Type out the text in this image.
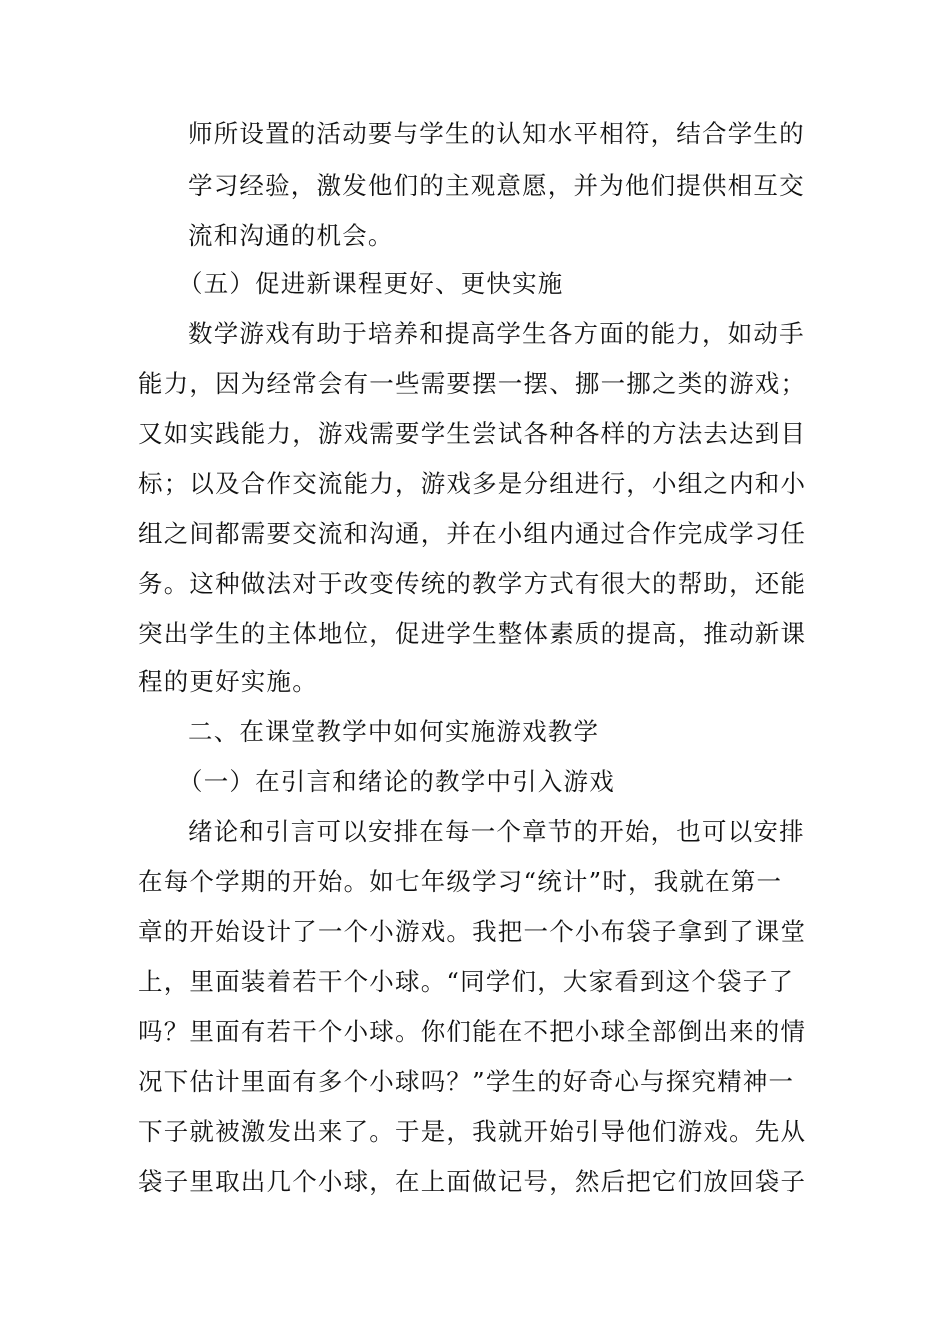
师所设置的活动要与学生的认知水平相符，结合学生的
学习经验，激发他们的主观意愿，并为他们提供相互交
流和沟通的机会。
（五）促进新课程更好、更快实施
数学游戏有助于培养和提高学生各方面的能力，如动手
能力，因为经常会有一些需要摆一摆、挪一挪之类的游戏；
又如实践能力，游戏需要学生尝试各种各样的方法去达到目
标；以及合作交流能力，游戏多是分组进行，小组之内和小
组之间都需要交流和沟通，并在小组内通过合作完成学习任
务。这种做法对于改变传统的教学方式有很大的帮助，还能
突出学生的主体地位，促进学生整体素质的提高，推动新课
程的更好实施。
二、在课堂教学中如何实施游戏教学
（一）在引言和绪论的教学中引入游戏
绪论和引言可以安排在每一个章节的开始，也可以安排
在每个学期的开始。如七年级学习“统计”时，我就在第一
章的开始设计了一个小游戏。我把一个小布袋子拿到了课堂
上，里面装着若干个小球。“同学们，大家看到这个袋子了
吗？里面有若干个小球。你们能在不把小球全部倒出来的情
况下估计里面有多个小球吗？”学生的好奇心与探究精神一
下子就被激发出来了。于是，我就开始引导他们游戏。先从
袋子里取出几个小球，在上面做记号，然后把它们放回袋子
